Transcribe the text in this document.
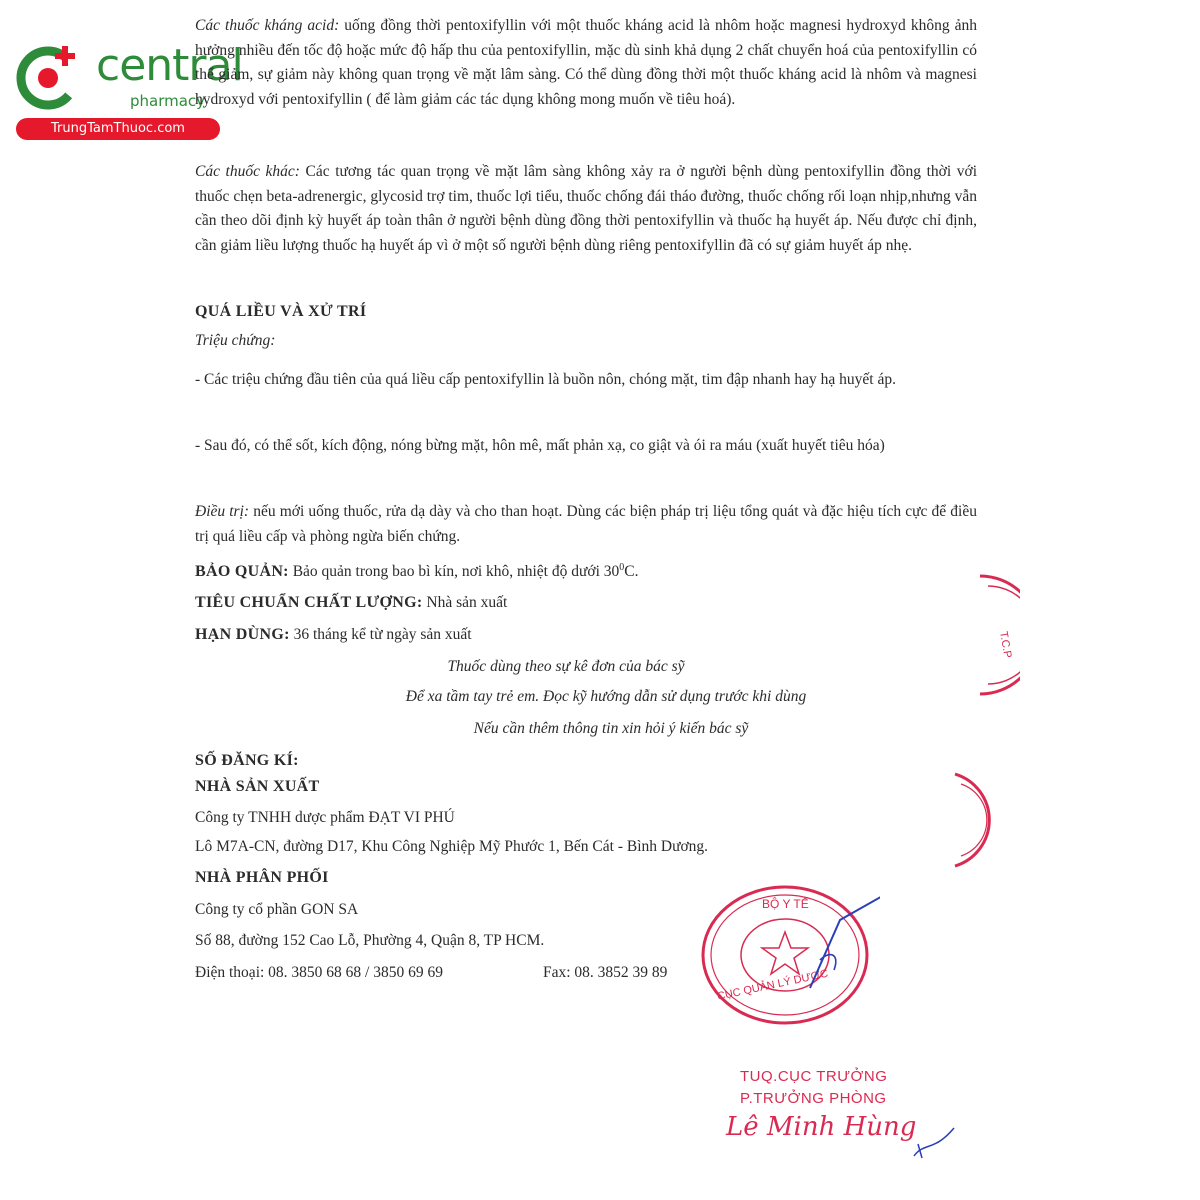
central
pharmacy
TrungTamThuoc.com

Các thuốc kháng acid: uống đồng thời pentoxifyllin với một thuốc kháng acid là nhôm hoặc magnesi hydroxyd không ảnh hưởng nhiều đến tốc độ hoặc mức độ hấp thu của pentoxifyllin, mặc dù sinh khả dụng 2 chất chuyển hoá của pentoxifyllin có thể giảm, sự giảm này không quan trọng về mặt lâm sàng. Có thể dùng đồng thời một thuốc kháng acid là nhôm và magnesi hydroxyd với pentoxifyllin ( để làm giảm các tác dụng không mong muốn về tiêu hoá).

Các thuốc khác: Các tương tác quan trọng về mặt lâm sàng không xảy ra ở người bệnh dùng pentoxifyllin đồng thời với thuốc chẹn beta-adrenergic, glycosid trợ tim, thuốc lợi tiểu, thuốc chống đái tháo đường, thuốc chống rối loạn nhịp,nhưng vẫn cần theo dõi định kỳ huyết áp toàn thân ở người bệnh dùng đồng thời pentoxifyllin và thuốc hạ huyết áp. Nếu được chỉ định, cần giảm liều lượng thuốc hạ huyết áp vì ở một số người bệnh dùng riêng pentoxifyllin đã có sự giảm huyết áp nhẹ.

QUÁ LIỀU VÀ XỬ TRÍ
Triệu chứng:

- Các triệu chứng đầu tiên của quá liều cấp pentoxifyllin là buồn nôn, chóng mặt, tim đập nhanh hay hạ huyết áp.

- Sau đó, có thể sốt, kích động, nóng bừng mặt, hôn mê, mất phản xạ, co giật và ói ra máu (xuất huyết tiêu hóa)

Điều trị: nếu mới uống thuốc, rửa dạ dày và cho than hoạt. Dùng các biện pháp trị liệu tổng quát và đặc hiệu tích cực để điều trị quá liều cấp và phòng ngừa biến chứng.

BẢO QUẢN: Bảo quản trong bao bì kín, nơi khô, nhiệt độ dưới $30^0C$.
TIÊU CHUẨN CHẤT LƯỢNG: Nhà sản xuất
HẠN DÙNG: 36 tháng kể từ ngày sản xuất
Thuốc dùng theo sự kê đơn của bác sỹ
Để xa tầm tay trẻ em. Đọc kỹ hướng dẫn sử dụng trước khi dùng
Nếu cần thêm thông tin xin hỏi ý kiến bác sỹ
SỐ ĐĂNG KÍ:
NHÀ SẢN XUẤT
Công ty TNHH dược phẩm ĐẠT VI PHÚ
Lô M7A-CN, đường D17, Khu Công Nghiệp Mỹ Phước 1, Bến Cát - Bình Dương.
NHÀ PHÂN PHỐI
Công ty cổ phần GON SA
Số 88, đường 152 Cao Lỗ, Phường 4, Quận 8, TP HCM.
Điện thoại: 08. 3850 68 68 / 3850 69 69	Fax: 08. 3852 39 89
T.C.P
BỘ Y TẾ
CỤC QUẢN LÝ DƯỢC
TUQ.CỤC TRƯỞNG
P.TRƯỞNG PHÒNG
Lê Minh Hùng
